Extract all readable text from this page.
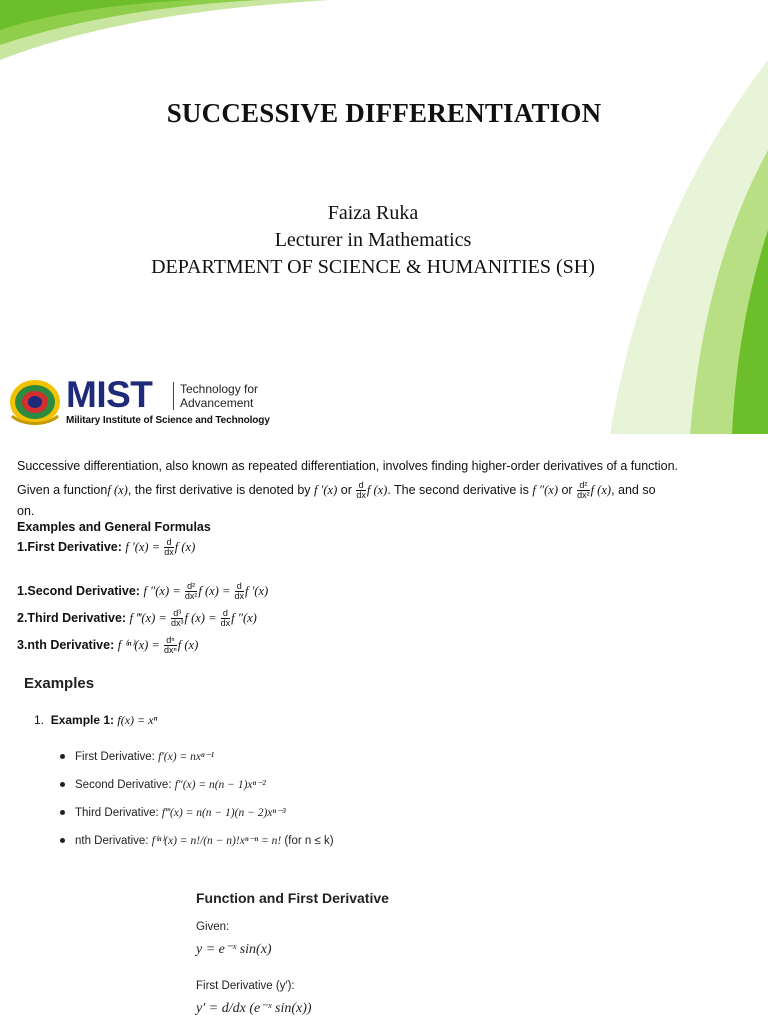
SUCCESSIVE DIFFERENTIATION
Faiza Ruka
Lecturer in Mathematics
DEPARTMENT OF SCIENCE & HUMANITIES (SH)
MIST Technology for
Advancement
Military Institute of Science and Technology
Successive differentiation, also known as repeated differentiation, involves finding higher-order derivatives of a function.
Given a functionf (x), the first derivative is denoted by f ′(x) or $\frac{d}{dx}$ f (x). The second derivative is f ″(x) or $\frac{\text{d²}}{\text{dx²}}$ f (x), and so
on.
Examples and General Formulas
1.First Derivative: f $'(x) = \frac{d}{dx}$ f (x)
1.Second Derivative: f $''(x) = \frac{\text{d²}}{\text{dx²}}$ f $(x) = \frac{d}{dx}$ f ′(x)
2.Third Derivative: f ‴(x) = $\frac{\text{d³}}{\text{dx³}}$ f $(x) = \frac{d}{dx}$ f ″(x)
3.nth Derivative: f $^{(n)}(x) = \frac{\text{dⁿ}}{\text{dxⁿ}}$ f (x)
Examples
1. Example 1: f(x) = xⁿ
First Derivative: f′(x) = nxⁿ⁻¹
Second Derivative: f″(x) = n(n − 1)xⁿ⁻²
Third Derivative: f‴(x) = n(n − 1)(n − 2)xⁿ⁻³
nth Derivative: f⁽ⁿ⁾(x) = n!/(n − n)!xⁿ⁻ⁿ = n! (for n ≤ k)
Function and First Derivative
Given:
y = e⁻ˣ sin(x)
First Derivative (y′):
y′ = d/dx (e⁻ˣ sin(x))
